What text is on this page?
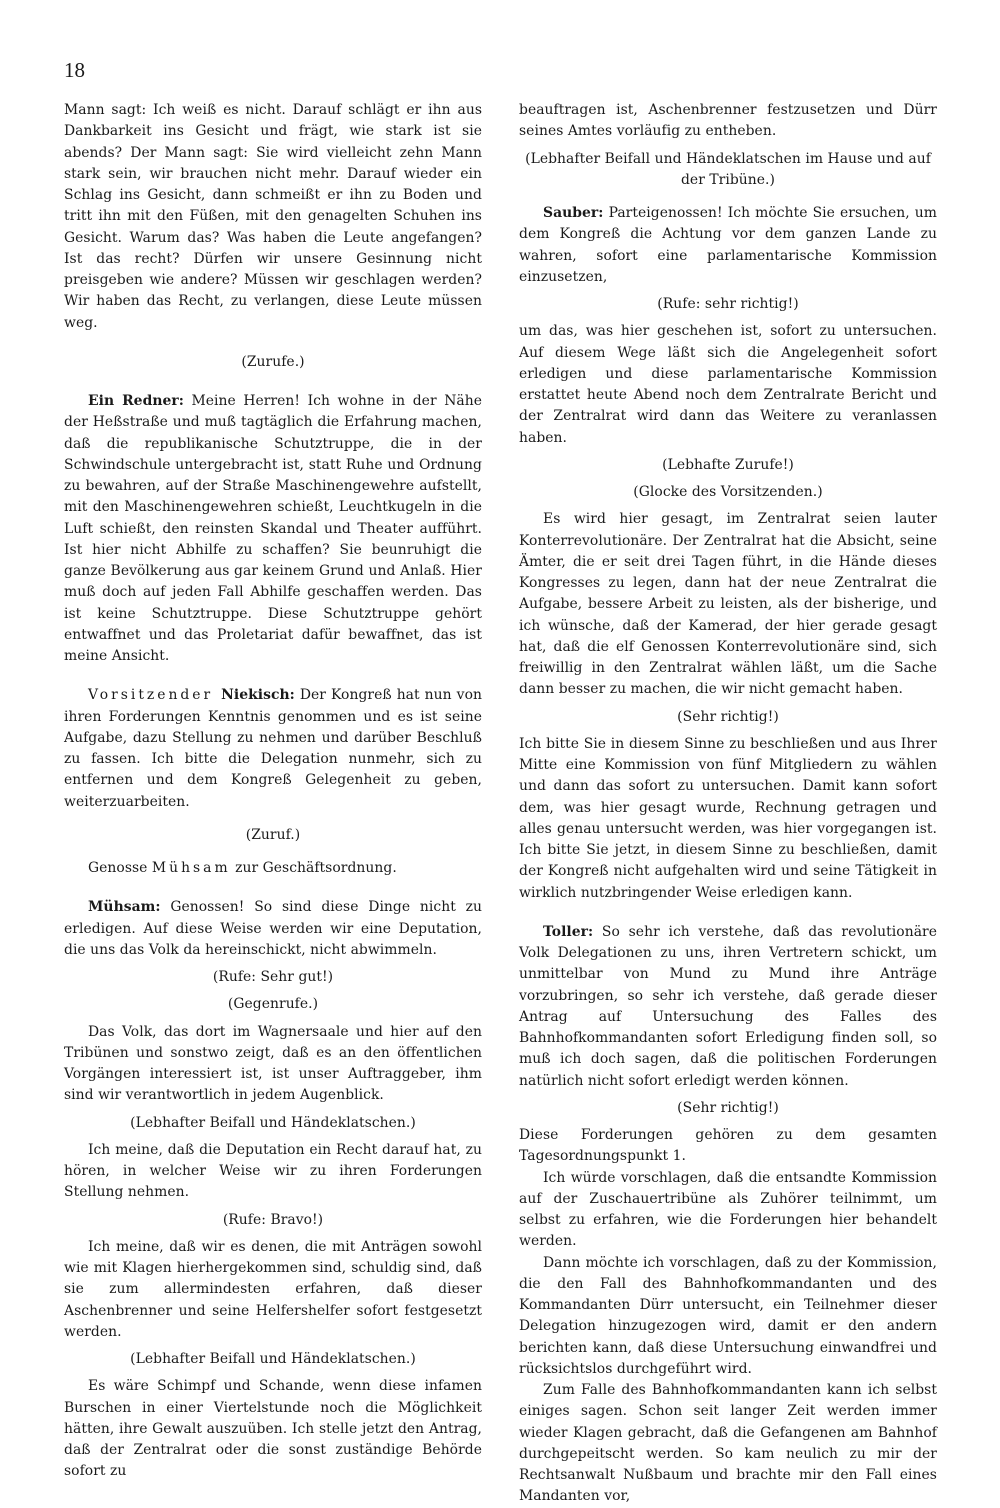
18

Mann sagt: Ich weiß es nicht. Darauf schlägt er ihn aus Dankbarkeit ins Gesicht und frägt, wie stark ist sie abends? Der Mann sagt: Sie wird vielleicht zehn Mann stark sein, wir brauchen nicht mehr. Darauf wieder ein Schlag ins Gesicht, dann schmeißt er ihn zu Boden und tritt ihn mit den Füßen, mit den genagelten Schuhen ins Gesicht. Warum das? Was haben die Leute angefangen? Ist das recht? Dürfen wir unsere Gesinnung nicht preisgeben wie andere? Müssen wir geschlagen werden? Wir haben das Recht, zu verlangen, diese Leute müssen weg.

(Zurufe.)

Ein Redner: Meine Herren! Ich wohne in der Nähe der Heßstraße und muß tagtäglich die Erfahrung machen, daß die republikanische Schutztruppe, die in der Schwindschule untergebracht ist, statt Ruhe und Ordnung zu bewahren, auf der Straße Maschinengewehre aufstellt, mit den Maschinengewehren schießt, Leuchtkugeln in die Luft schießt, den reinsten Skandal und Theater aufführt. Ist hier nicht Abhilfe zu schaffen? Sie beunruhigt die ganze Bevölkerung aus gar keinem Grund und Anlaß. Hier muß doch auf jeden Fall Abhilfe geschaffen werden. Das ist keine Schutztruppe. Diese Schutztruppe gehört entwaffnet und das Proletariat dafür bewaffnet, das ist meine Ansicht.

Vorsitzender Niekisch: Der Kongreß hat nun von ihren Forderungen Kenntnis genommen und es ist seine Aufgabe, dazu Stellung zu nehmen und darüber Beschluß zu fassen. Ich bitte die Delegation nunmehr, sich zu entfernen und dem Kongreß Gelegenheit zu geben, weiterzuarbeiten.

(Zuruf.)

Genosse Mühsam zur Geschäftsordnung.

Mühsam: Genossen! So sind diese Dinge nicht zu erledigen. Auf diese Weise werden wir eine Deputation, die uns das Volk da hereinschickt, nicht abwimmeln.

(Rufe: Sehr gut!)

(Gegenrufe.)

Das Volk, das dort im Wagnersaale und hier auf den Tribünen und sonstwo zeigt, daß es an den öffentlichen Vorgängen interessiert ist, ist unser Auftraggeber, ihm sind wir verantwortlich in jedem Augenblick.

(Lebhafter Beifall und Händeklatschen.)

Ich meine, daß die Deputation ein Recht darauf hat, zu hören, in welcher Weise wir zu ihren Forderungen Stellung nehmen.

(Rufe: Bravo!)

Ich meine, daß wir es denen, die mit Anträgen sowohl wie mit Klagen hierhergekommen sind, schuldig sind, daß sie zum allermindesten erfahren, daß dieser Aschenbrenner und seine Helfershelfer sofort festgesetzt werden.

(Lebhafter Beifall und Händeklatschen.)

Es wäre Schimpf und Schande, wenn diese infamen Burschen in einer Viertelstunde noch die Möglichkeit hätten, ihre Gewalt auszuüben. Ich stelle jetzt den Antrag, daß der Zentralrat oder die sonst zuständige Behörde sofort zu

beauftragen ist, Aschenbrenner festzusetzen und Dürr seines Amtes vorläufig zu entheben.

(Lebhafter Beifall und Händeklatschen im Hause und auf der Tribüne.)

Sauber: Parteigenossen! Ich möchte Sie ersuchen, um dem Kongreß die Achtung vor dem ganzen Lande zu wahren, sofort eine parlamentarische Kommission einzusetzen,

(Rufe: sehr richtig!)

um das, was hier geschehen ist, sofort zu untersuchen. Auf diesem Wege läßt sich die Angelegenheit sofort erledigen und diese parlamentarische Kommission erstattet heute Abend noch dem Zentralrate Bericht und der Zentralrat wird dann das Weitere zu veranlassen haben.

(Lebhafte Zurufe!)

(Glocke des Vorsitzenden.)

Es wird hier gesagt, im Zentralrat seien lauter Konterrevolutionäre. Der Zentralrat hat die Absicht, seine Ämter, die er seit drei Tagen führt, in die Hände dieses Kongresses zu legen, dann hat der neue Zentralrat die Aufgabe, bessere Arbeit zu leisten, als der bisherige, und ich wünsche, daß der Kamerad, der hier gerade gesagt hat, daß die elf Genossen Konterrevolutionäre sind, sich freiwillig in den Zentralrat wählen läßt, um die Sache dann besser zu machen, die wir nicht gemacht haben.

(Sehr richtig!)

Ich bitte Sie in diesem Sinne zu beschließen und aus Ihrer Mitte eine Kommission von fünf Mitgliedern zu wählen und dann das sofort zu untersuchen. Damit kann sofort dem, was hier gesagt wurde, Rechnung getragen und alles genau untersucht werden, was hier vorgegangen ist. Ich bitte Sie jetzt, in diesem Sinne zu beschließen, damit der Kongreß nicht aufgehalten wird und seine Tätigkeit in wirklich nutzbringender Weise erledigen kann.

Toller: So sehr ich verstehe, daß das revolutionäre Volk Delegationen zu uns, ihren Vertretern schickt, um unmittelbar von Mund zu Mund ihre Anträge vorzubringen, so sehr ich verstehe, daß gerade dieser Antrag auf Untersuchung des Falles des Bahnhofkommandanten sofort Erledigung finden soll, so muß ich doch sagen, daß die politischen Forderungen natürlich nicht sofort erledigt werden können.

(Sehr richtig!)

Diese Forderungen gehören zu dem gesamten Tagesordnungspunkt 1.

Ich würde vorschlagen, daß die entsandte Kommission auf der Zuschauertribüne als Zuhörer teilnimmt, um selbst zu erfahren, wie die Forderungen hier behandelt werden.

Dann möchte ich vorschlagen, daß zu der Kommission, die den Fall des Bahnhofkommandanten und des Kommandanten Dürr untersucht, ein Teilnehmer dieser Delegation hinzugezogen wird, damit er den andern berichten kann, daß diese Untersuchung einwandfrei und rücksichtslos durchgeführt wird.

Zum Falle des Bahnhofkommandanten kann ich selbst einiges sagen. Schon seit langer Zeit werden immer wieder Klagen gebracht, daß die Gefangenen am Bahnhof durchgepeitscht werden. So kam neulich zu mir der Rechtsanwalt Nußbaum und brachte mir den Fall eines Mandanten vor,
